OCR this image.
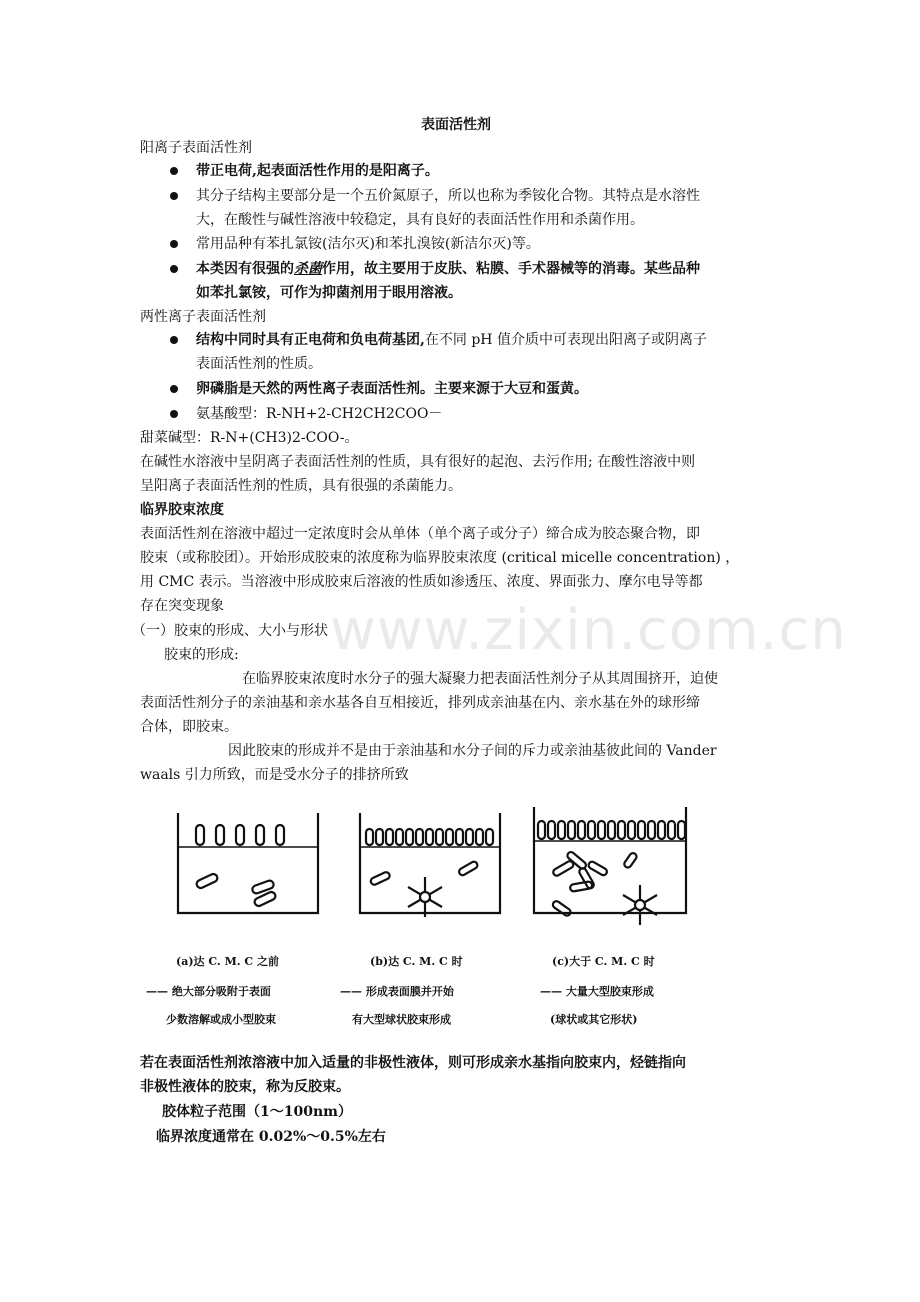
表面活性剂
阳离子表面活性剂
带正电荷,起表面活性作用的是阳离子。
其分子结构主要部分是一个五价氮原子，所以也称为季铵化合物。其特点是水溶性
大，在酸性与碱性溶液中较稳定，具有良好的表面活性作用和杀菌作用。
常用品种有苯扎氯铵(洁尔灭)和苯扎溴铵(新洁尔灭)等。
本类因有很强的杀菌作用，故主要用于皮肤、粘膜、手术器械等的消毒。某些品种
如苯扎氯铵，可作为抑菌剂用于眼用溶液。
两性离子表面活性剂
结构中同时具有正电荷和负电荷基团,在不同 pH 值介质中可表现出阳离子或阴离子
表面活性剂的性质。
卵磷脂是天然的两性离子表面活性剂。主要来源于大豆和蛋黄。
氨基酸型：R-NH+2-CH2CH2COO－
甜菜碱型：R-N+(CH3)2-COO-。
在碱性水溶液中呈阴离子表面活性剂的性质，具有很好的起泡、去污作用; 在酸性溶液中则
呈阳离子表面活性剂的性质，具有很强的杀菌能力。
临界胶束浓度
表面活性剂在溶液中超过一定浓度时会从单体（单个离子或分子）缔合成为胶态聚合物，即
胶束（或称胶团）。开始形成胶束的浓度称为临界胶束浓度 (critical micelle concentration) ，
用 CMC 表示。当溶液中形成胶束后溶液的性质如渗透压、浓度、界面张力、摩尔电导等都
存在突变现象
（一）胶束的形成、大小与形状
胶束的形成:
在临界胶束浓度时水分子的强大凝聚力把表面活性剂分子从其周围挤开，迫使
表面活性剂分子的亲油基和亲水基各自互相接近，排列成亲油基在内、亲水基在外的球形缔
合体，即胶束。
因此胶束的形成并不是由于亲油基和水分子间的斥力或亲油基彼此间的 Vander
waals 引力所致，而是受水分子的排挤所致
www.zixin.com.cn
(a)达 C. M. C 之前
—— 绝大部分吸附于表面
少数溶解或成小型胶束
(b)达 C. M. C 时
—— 形成表面膜并开始
有大型球状胶束形成
(c)大于 C. M. C 时
—— 大量大型胶束形成
(球状或其它形状)
若在表面活性剂浓溶液中加入适量的非极性液体，则可形成亲水基指向胶束内，烃链指向
非极性液体的胶束，称为反胶束。
胶体粒子范围（1～100nm）
临界浓度通常在 0.02%～0.5%左右
